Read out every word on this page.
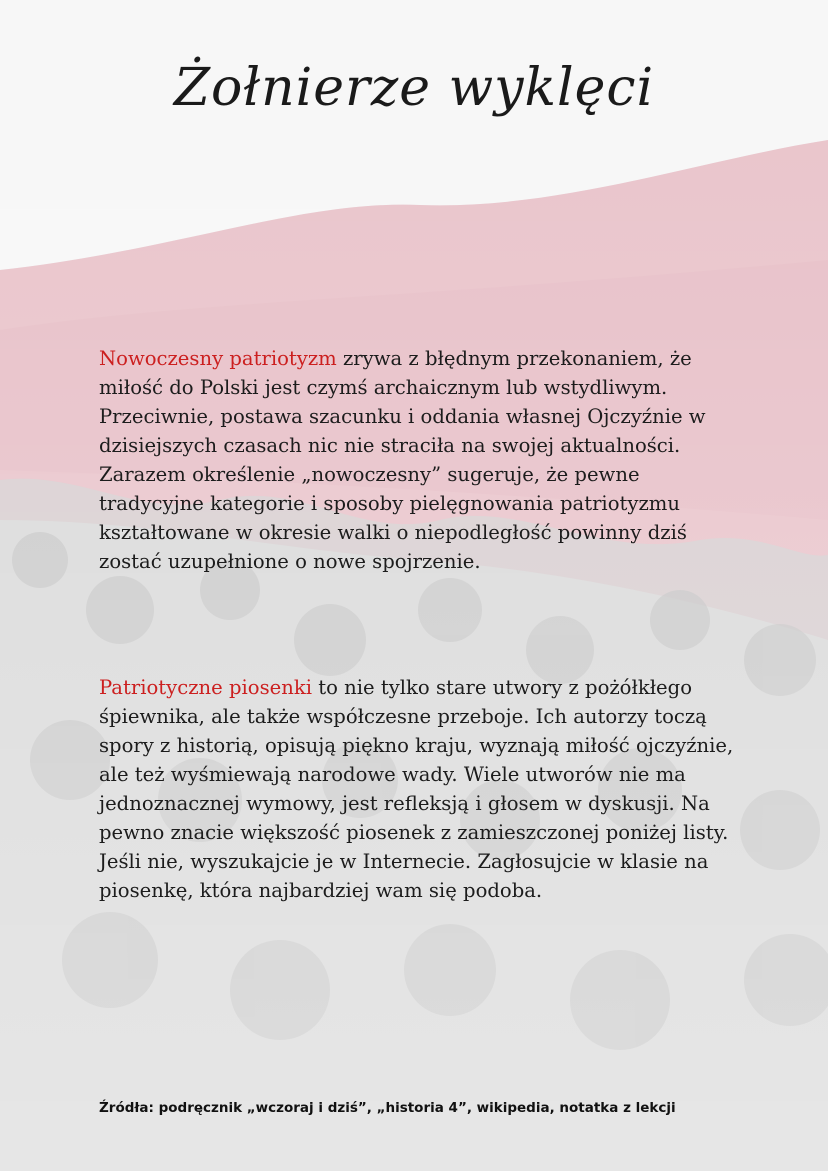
Żołnierze wyklęci

Nowoczesny patriotyzm zrywa z błędnym przekonaniem, że miłość do Polski jest czymś archaicznym lub wstydliwym. Przeciwnie, postawa szacunku i oddania własnej Ojczyźnie w dzisiejszych czasach nic nie straciła na swojej aktualności. Zarazem określenie „nowoczesny” sugeruje, że pewne tradycyjne kategorie i sposoby pielęgnowania patriotyzmu kształtowane w okresie walki o niepodległość powinny dziś zostać uzupełnione o nowe spojrzenie.

Patriotyczne piosenki to nie tylko stare utwory z pożółkłego śpiewnika, ale także współczesne przeboje. Ich autorzy toczą spory z historią, opisują piękno kraju, wyznają miłość ojczyźnie, ale też wyśmiewają narodowe wady. Wiele utworów nie ma jednoznacznej wymowy, jest refleksją i głosem w dyskusji. Na pewno znacie większość piosenek z zamieszczonej poniżej listy. Jeśli nie, wyszukajcie je w Internecie. Zagłosujcie w klasie na piosenkę, która najbardziej wam się podoba.

Źródła: podręcznik „wczoraj i dziś”, „historia 4”, wikipedia, notatka z lekcji
